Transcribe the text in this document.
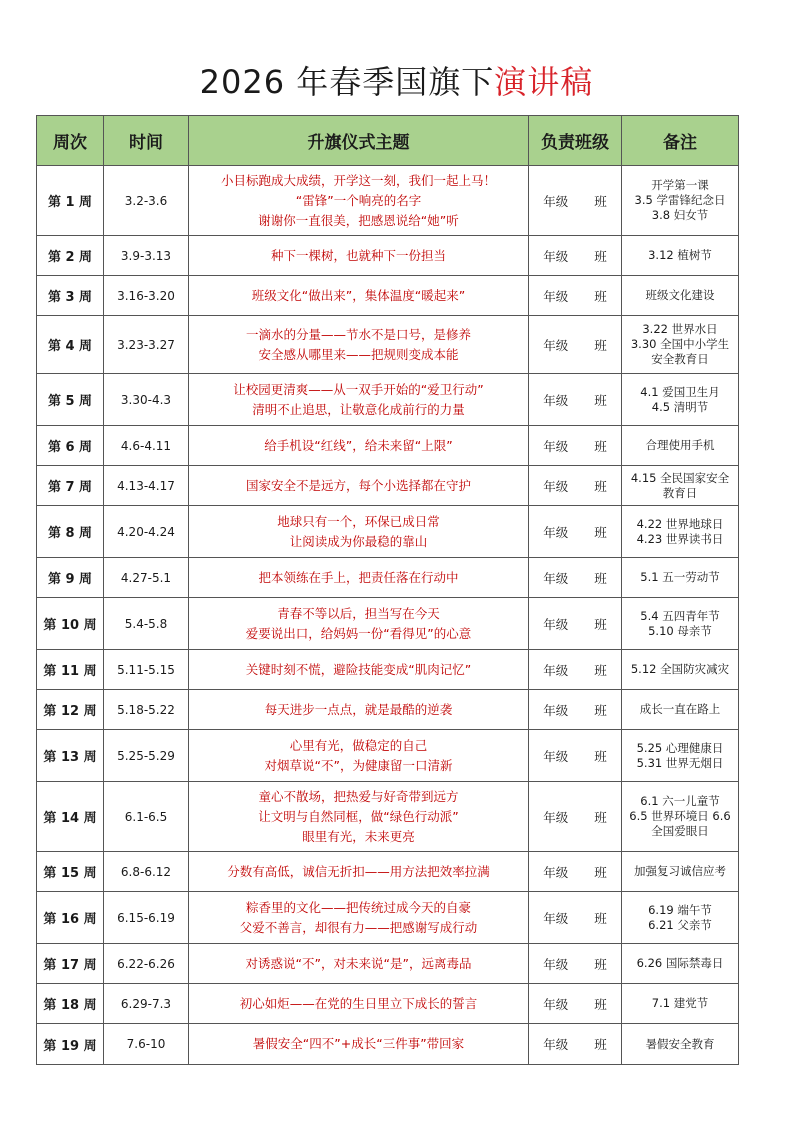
2026 年春季国旗下演讲稿
周次	时间	升旗仪式主题	负责班级	备注
第 1 周	3.2-3.6	小目标跑成大成绩，开学这一刻，我们一起上马！
“雷锋”一个响亮的名字
谢谢你一直很美，把感恩说给“她”听	年级 班	开学第一课
3.5 学雷锋纪念日
3.8 妇女节

第 2 周	3.9-3.13	种下一棵树，也就种下一份担当	年级 班	3.12 植树节

第 3 周	3.16-3.20	班级文化“做出来”，集体温度“暖起来”	年级 班	班级文化建设

第 4 周	3.23-3.27	一滴水的分量——节水不是口号，是修养
安全感从哪里来——把规则变成本能	年级 班	3.22 世界水日
3.30 全国中小学生
安全教育日

第 5 周	3.30-4.3	让校园更清爽——从一双手开始的“爱卫行动”
清明不止追思，让敬意化成前行的力量	年级 班	4.1 爱国卫生月
4.5 清明节

第 6 周	4.6-4.11	给手机设“红线”，给未来留“上限”	年级 班	合理使用手机

第 7 周	4.13-4.17	国家安全不是远方，每个小选择都在守护	年级 班	4.15 全民国家安全
教育日

第 8 周	4.20-4.24	地球只有一个，环保已成日常
让阅读成为你最稳的靠山	年级 班	4.22 世界地球日
4.23 世界读书日

第 9 周	4.27-5.1	把本领练在手上，把责任落在行动中	年级 班	5.1 五一劳动节

第 10 周	5.4-5.8	青春不等以后，担当写在今天
爱要说出口，给妈妈一份“看得见”的心意	年级 班	5.4 五四青年节
5.10 母亲节

第 11 周	5.11-5.15	关键时刻不慌，避险技能变成“肌肉记忆”	年级 班	5.12 全国防灾减灾

第 12 周	5.18-5.22	每天进步一点点，就是最酷的逆袭	年级 班	成长一直在路上

第 13 周	5.25-5.29	心里有光，做稳定的自己
对烟草说“不”，为健康留一口清新	年级 班	5.25 心理健康日
5.31 世界无烟日

第 14 周	6.1-6.5	童心不散场，把热爱与好奇带到远方
让文明与自然同框，做“绿色行动派”
眼里有光，未来更亮	年级 班	6.1 六一儿童节
6.5 世界环境日 6.6
全国爱眼日

第 15 周	6.8-6.12	分数有高低，诚信无折扣——用方法把效率拉满	年级 班	加强复习诚信应考

第 16 周	6.15-6.19	粽香里的文化——把传统过成今天的自豪
父爱不善言，却很有力——把感谢写成行动	年级 班	6.19 端午节
6.21 父亲节

第 17 周	6.22-6.26	对诱惑说“不”，对未来说“是”，远离毒品	年级 班	6.26 国际禁毒日

第 18 周	6.29-7.3	初心如炬——在党的生日里立下成长的誓言	年级 班	7.1 建党节

第 19 周	7.6-10	暑假安全“四不”+成长“三件事”带回家	年级 班	暑假安全教育
